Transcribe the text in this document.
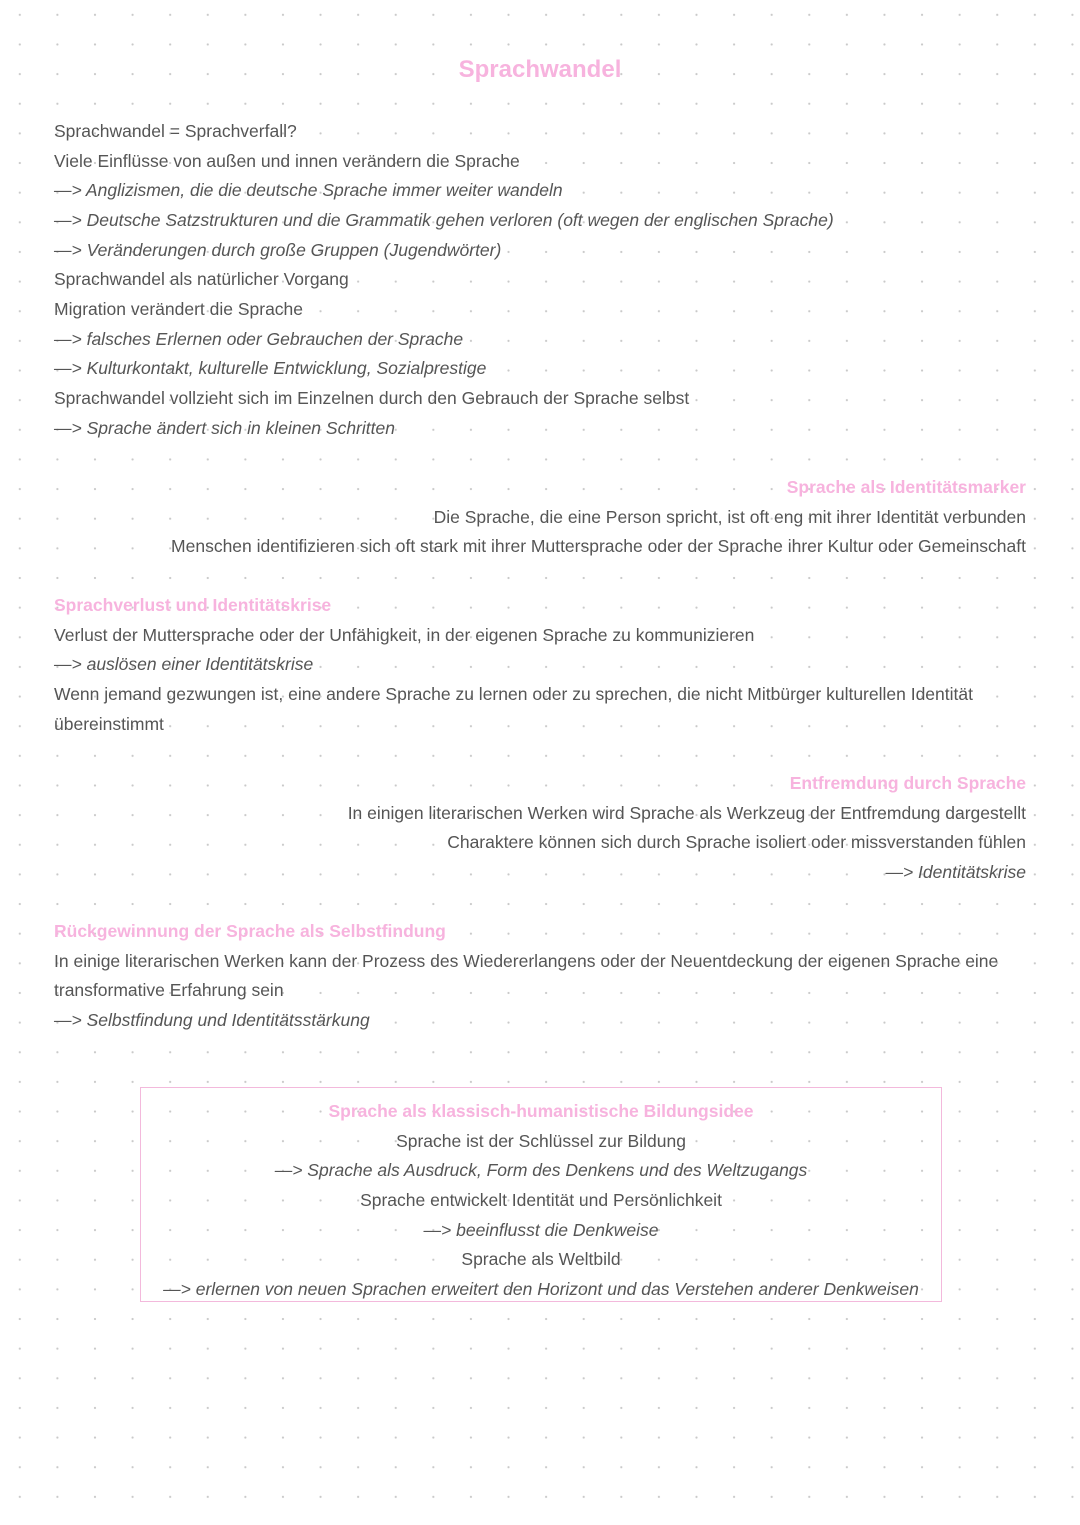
Sprachwandel
Sprachwandel = Sprachverfall?
Viele Einflüsse von außen und innen verändern die Sprache
—> Anglizismen, die die deutsche Sprache immer weiter wandeln
—> Deutsche Satzstrukturen und die Grammatik gehen verloren (oft wegen der englischen Sprache)
—> Veränderungen durch große Gruppen (Jugendwörter)
Sprachwandel als natürlicher Vorgang
Migration verändert die Sprache
—> falsches Erlernen oder Gebrauchen der Sprache
—> Kulturkontakt, kulturelle Entwicklung, Sozialprestige
Sprachwandel vollzieht sich im Einzelnen durch den Gebrauch der Sprache selbst
—> Sprache ändert sich in kleinen Schritten
Sprache als Identitätsmarker
Die Sprache, die eine Person spricht, ist oft eng mit ihrer Identität verbunden
Menschen identifizieren sich oft stark mit ihrer Muttersprache oder der Sprache ihrer Kultur oder Gemeinschaft
Sprachverlust und Identitätskrise
Verlust der Muttersprache oder der Unfähigkeit, in der eigenen Sprache zu kommunizieren
—> auslösen einer Identitätskrise
Wenn jemand gezwungen ist, eine andere Sprache zu lernen oder zu sprechen, die nicht Mitbürger kulturellen Identität
übereinstimmt
Entfremdung durch Sprache
In einigen literarischen Werken wird Sprache als Werkzeug der Entfremdung dargestellt
Charaktere können sich durch Sprache isoliert oder missverstanden fühlen
—> Identitätskrise
Rückgewinnung der Sprache als Selbstfindung
In einige literarischen Werken kann der Prozess des Wiedererlangens oder der Neuentdeckung der eigenen Sprache eine
transformative Erfahrung sein
—> Selbstfindung und Identitätsstärkung
Sprache als klassisch-humanistische Bildungsidee
Sprache ist der Schlüssel zur Bildung
—> Sprache als Ausdruck, Form des Denkens und des Weltzugangs
Sprache entwickelt Identität und Persönlichkeit
—> beeinflusst die Denkweise
Sprache als Weltbild
—> erlernen von neuen Sprachen erweitert den Horizont und das Verstehen anderer Denkweisen
